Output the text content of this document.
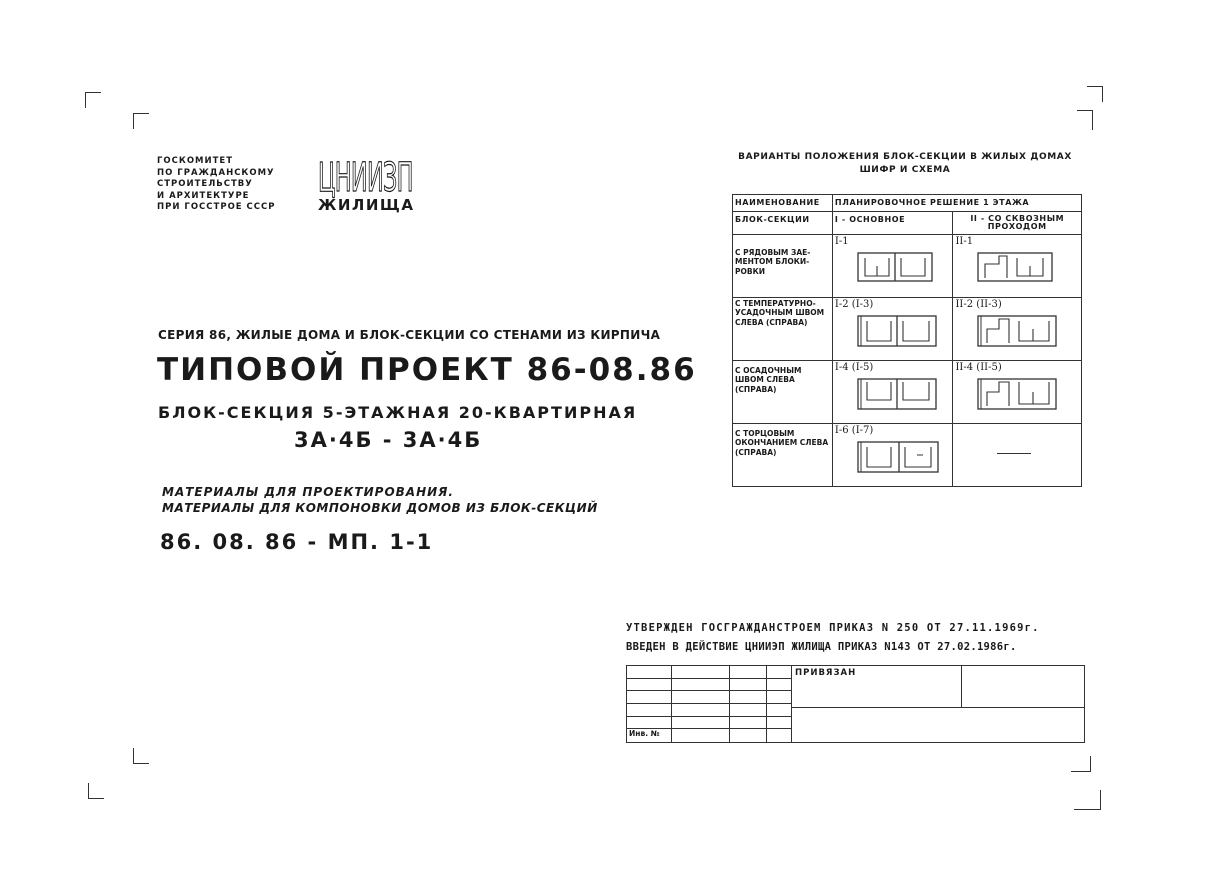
ГОСКОМИТЕТ
ПО ГРАЖДАНСКОМУ
СТРОИТЕЛЬСТВУ
И АРХИТЕКТУРЕ
ПРИ ГОССТРОЕ СССР
ЦНИИЗП
ЖИЛИЩА
СЕРИЯ 86, ЖИЛЫЕ ДОМА И БЛОК-СЕКЦИИ СО СТЕНАМИ ИЗ КИРПИЧА
ТИПОВОЙ ПРОЕКТ 86-08.86
БЛОК-СЕКЦИЯ 5-ЭТАЖНАЯ 20-КВАРТИРНАЯ
3А·4Б - 3А·4Б
МАТЕРИАЛЫ ДЛЯ ПРОЕКТИРОВАНИЯ.
МАТЕРИАЛЫ ДЛЯ КОМПОНОВКИ ДОМОВ ИЗ БЛОК-СЕКЦИЙ
86. 08. 86 - МП. 1-1
ВАРИАНТЫ ПОЛОЖЕНИЯ БЛОК-СЕКЦИИ В ЖИЛЫХ ДОМАХ
ШИФР И СХЕМА
НАИМЕНОВАНИЕ	ПЛАНИРОВОЧНОЕ РЕШЕНИЕ 1 ЭТАЖА	
БЛОК-СЕКЦИИ	I - ОСНОВНОЕ	II - СО СКВОЗНЫМ ПРОХОДОМ

С РЯДОВЫМ ЗАЕ-МЕНТОМ БЛОКИ-РОВКИ	I-1	II-1

С ТЕМПЕРАТУРНО-УСАДОЧНЫМ ШВОМ СЛЕВА (СПРАВА)	I-2 (I-3)	II-2 (II-3)

С ОСАДОЧНЫМ ШВОМ СЛЕВА (СПРАВА)	I-4 (I-5)	II-4 (II-5)

С ТОРЦОВЫМ ОКОНЧАНИЕМ СЛЕВА (СПРАВА)	I-6 (I-7)	

УТВЕРЖДЕН ГОСГРАЖДАНСТРОЕМ ПРИКАЗ N 250 ОТ 27.11.1969г.
ВВЕДЕН В ДЕЙСТВИЕ ЦНИИЭП ЖИЛИЩА ПРИКАЗ N143 ОТ 27.02.1986г.
ПРИВЯЗАН
Инв. №
